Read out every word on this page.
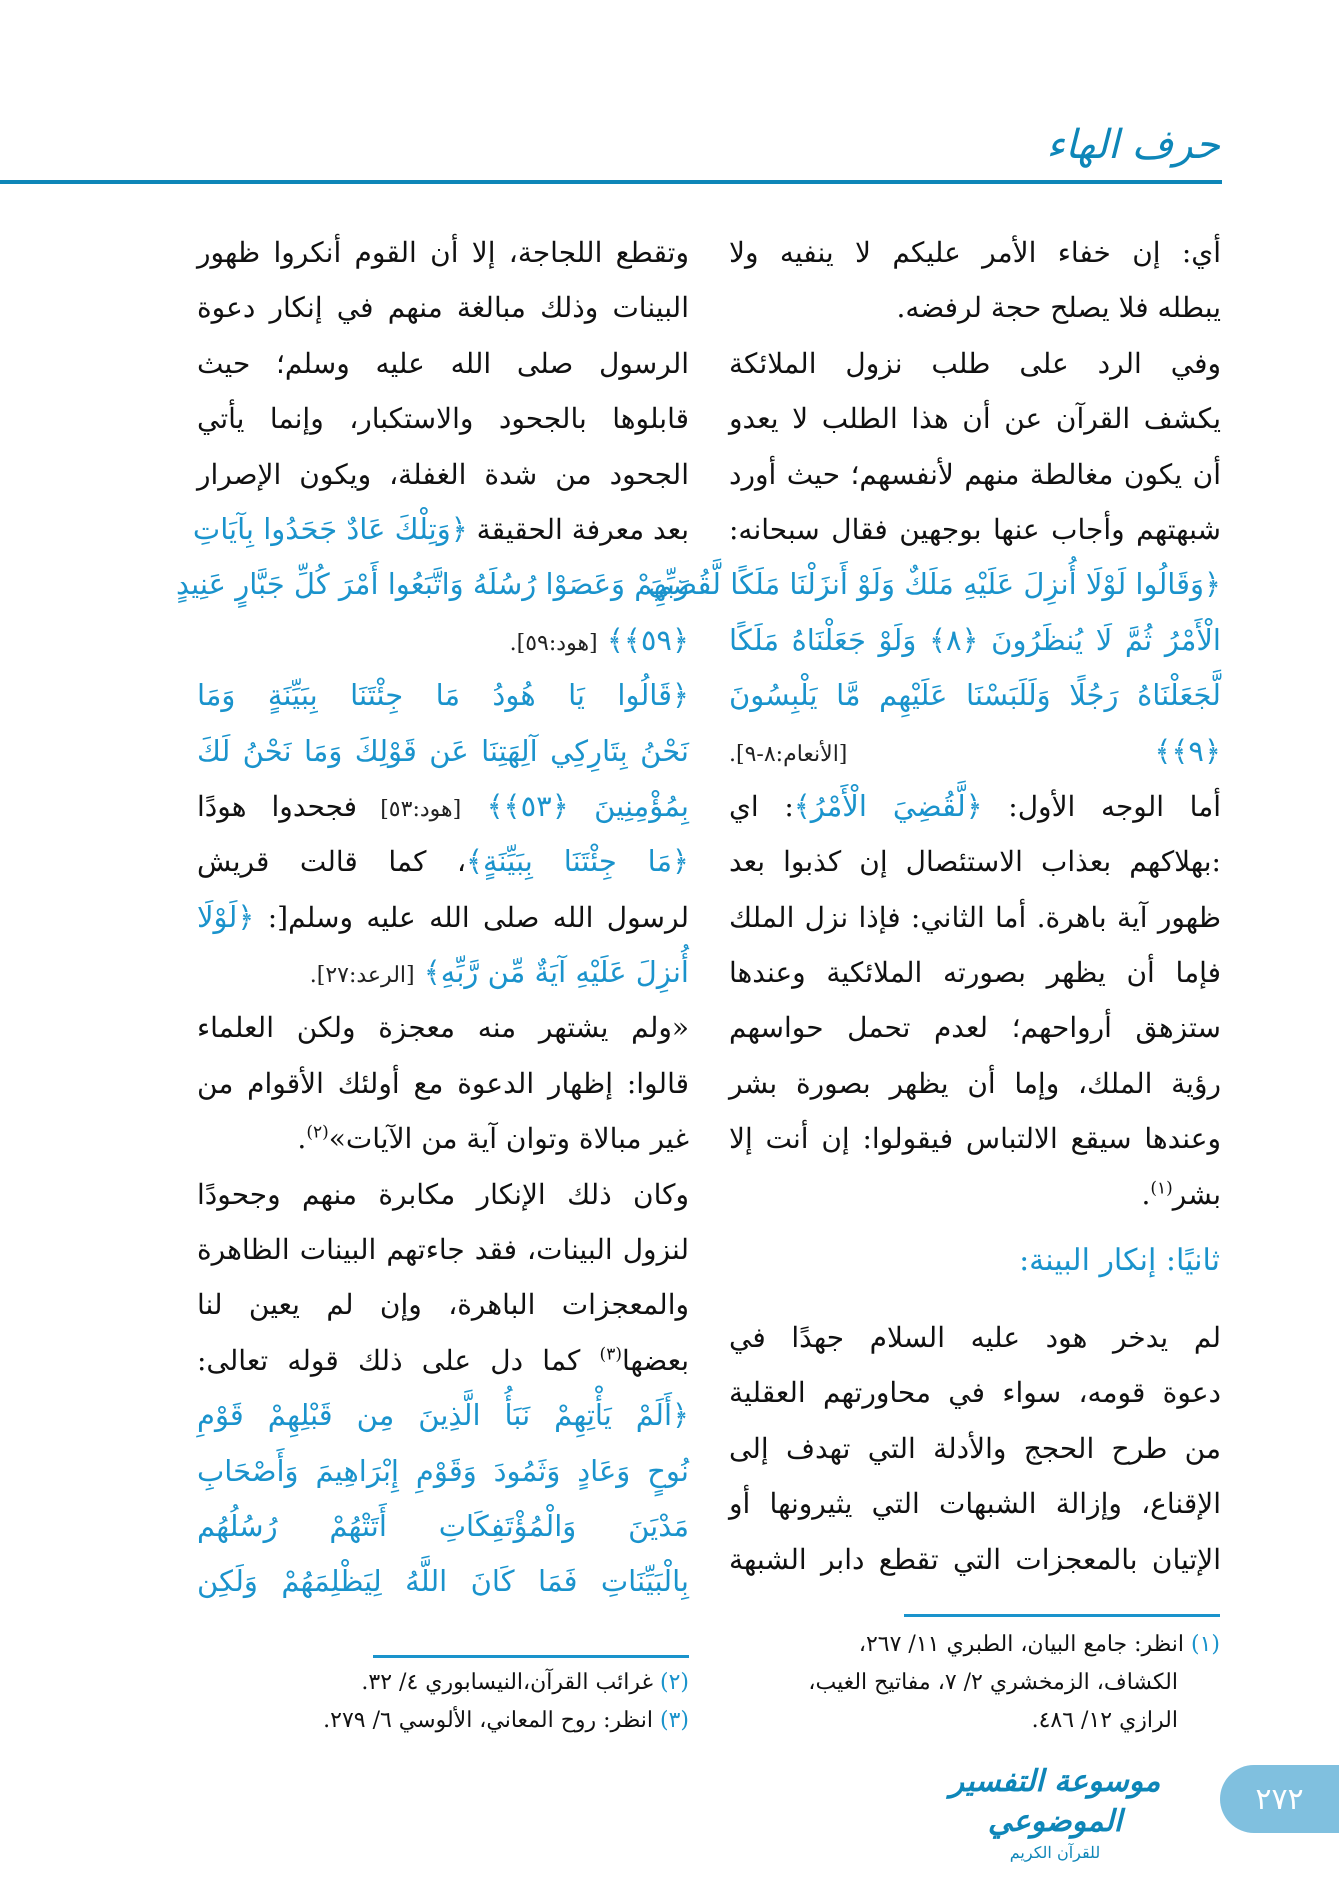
حرف الهاء
أي: إن خفاء الأمر عليكم لا ينفيه ولا
يبطله فلا يصلح حجة لرفضه.
وفي الرد على طلب نزول الملائكة
يكشف القرآن عن أن هذا الطلب لا يعدو
أن يكون مغالطة منهم لأنفسهم؛ حيث أورد
شبهتهم وأجاب عنها بوجهين فقال سبحانه:
﴿وَقَالُوا لَوْلَا أُنزِلَ عَلَيْهِ مَلَكٌ وَلَوْ أَنزَلْنَا مَلَكًا لَّقُضِيَ
الْأَمْرُ ثُمَّ لَا يُنظَرُونَ ﴿٨﴾ وَلَوْ جَعَلْنَاهُ مَلَكًا
لَّجَعَلْنَاهُ رَجُلًا وَلَلَبَسْنَا عَلَيْهِم مَّا يَلْبِسُونَ
﴿٩﴾﴾ [الأنعام:٨-٩].
أما الوجه الأول: ﴿لَّقُضِيَ الْأَمْرُ﴾: اي
:بهلاكهم بعذاب الاستئصال إن كذبوا بعد
ظهور آية باهرة. أما الثاني: فإذا نزل الملك
فإما أن يظهر بصورته الملائكية وعندها
ستزهق أرواحهم؛ لعدم تحمل حواسهم
رؤية الملك، وإما أن يظهر بصورة بشر
وعندها سيقع الالتباس فيقولوا: إن أنت إلا
بشر$^{(١)}$.
ثانيًا: إنكار البينة:
لم يدخر هود عليه السلام جهدًا في
دعوة قومه، سواء في محاورتهم العقلية
من طرح الحجج والأدلة التي تهدف إلى
الإقناع، وإزالة الشبهات التي يثيرونها أو
الإتيان بالمعجزات التي تقطع دابر الشبهة
وتقطع اللجاجة، إلا أن القوم أنكروا ظهور
البينات وذلك مبالغة منهم في إنكار دعوة
الرسول صلى الله عليه وسلم؛ حيث
قابلوها بالجحود والاستكبار، وإنما يأتي
الجحود من شدة الغفلة، ويكون الإصرار
بعد معرفة الحقيقة ﴿وَتِلْكَ عَادٌ جَحَدُوا بِآيَاتِ
رَبِّهِمْ وَعَصَوْا رُسُلَهُ وَاتَّبَعُوا أَمْرَ كُلِّ جَبَّارٍ عَنِيدٍ
﴿٥٩﴾﴾ [هود:٥٩].
﴿قَالُوا يَا هُودُ مَا جِئْتَنَا بِبَيِّنَةٍ وَمَا
نَحْنُ بِتَارِكِي آلِهَتِنَا عَن قَوْلِكَ وَمَا نَحْنُ لَكَ
بِمُؤْمِنِينَ ﴿٥٣﴾﴾ [هود:٥٣] فجحدوا هودًا
﴿مَا جِئْتَنَا بِبَيِّنَةٍ﴾، كما قالت قريش
لرسول الله صلى الله عليه وسلم[: ﴿لَوْلَا
أُنزِلَ عَلَيْهِ آيَةٌ مِّن رَّبِّهِ﴾ [الرعد:٢٧].
«ولم يشتهر منه معجزة ولكن العلماء
قالوا: إظهار الدعوة مع أولئك الأقوام من
غير مبالاة وتوان آية من الآيات»$^{(٢)}$.
وكان ذلك الإنكار مكابرة منهم وجحودًا
لنزول البينات، فقد جاءتهم البينات الظاهرة
والمعجزات الباهرة، وإن لم يعين لنا
بعضها$^{(٣)}$ كما دل على ذلك قوله تعالى:
﴿أَلَمْ يَأْتِهِمْ نَبَأُ الَّذِينَ مِن قَبْلِهِمْ قَوْمِ
نُوحٍ وَعَادٍ وَثَمُودَ وَقَوْمِ إِبْرَاهِيمَ وَأَصْحَابِ
مَدْيَنَ وَالْمُؤْتَفِكَاتِ أَتَتْهُمْ رُسُلُهُم
بِالْبَيِّنَاتِ فَمَا كَانَ اللَّهُ لِيَظْلِمَهُمْ وَلَكِن
(١) انظر: جامع البيان، الطبري ١١/ ٢٦٧،
الكشاف، الزمخشري ٢/ ٧، مفاتيح الغيب،
الرازي ١٢/ ٤٨٦.
(٢) غرائب القرآن،النيسابوري ٤/ ٣٢.
(٣) انظر: روح المعاني، الألوسي ٦/ ٢٧٩.
موسوعة التفسير الموضوعي
للقرآن الكريم
٢٧٢
